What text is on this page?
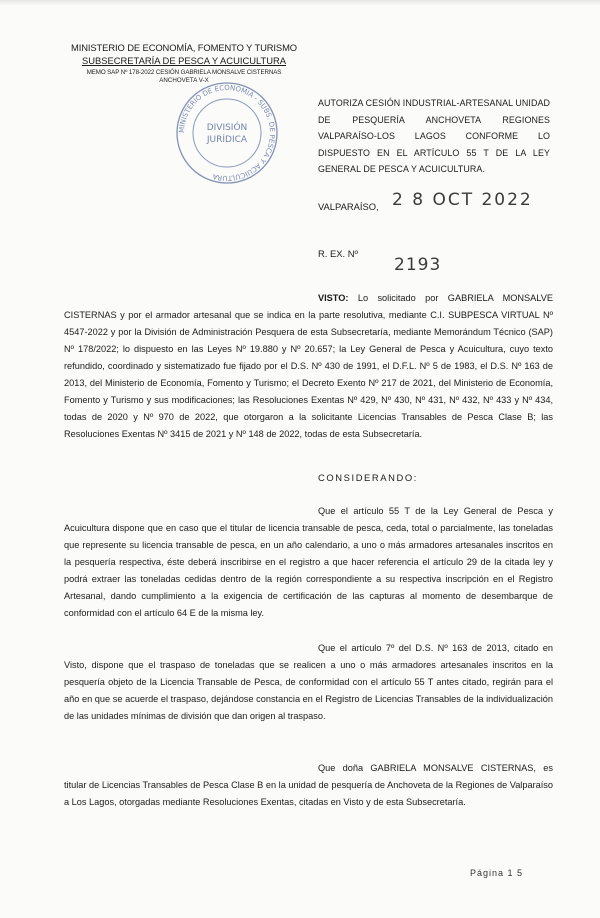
MINISTERIO DE ECONOMÍA, FOMENTO Y TURISMO
SUBSECRETARÍA DE PESCA Y ACUICULTURA
MEMO SAP Nº 178-2022 CESIÓN GABRIELA MONSALVE CISTERNAS
ANCHOVETA V-X
MINISTERIO DE ECONOMIA - SUBS. DE PESCA Y ACUICULTURA
DIVISIÓN
JURÍDICA
AUTORIZA CESIÓN INDUSTRIAL-ARTESANAL UNIDAD DE PESQUERÍA ANCHOVETA REGIONES VALPARAÍSO-LOS LAGOS CONFORME LO DISPUESTO EN EL ARTÍCULO 55 T DE LA LEY GENERAL DE PESCA Y ACUICULTURA.
VALPARAÍSO, 2 8 OCT 2022
R. EX. Nº
2193
VISTO: Lo solicitado por GABRIELA MONSALVE CISTERNAS y por el armador artesanal que se indica en la parte resolutiva, mediante C.I. SUBPESCA VIRTUAL Nº 4547-2022 y por la División de Administración Pesquera de esta Subsecretaría, mediante Memorándum Técnico (SAP) Nº 178/2022; lo dispuesto en las Leyes Nº 19.880 y Nº 20.657; la Ley General de Pesca y Acuicultura, cuyo texto refundido, coordinado y sistematizado fue fijado por el D.S. Nº 430 de 1991, el D.F.L. Nº 5 de 1983, el D.S. Nº 163 de 2013, del Ministerio de Economía, Fomento y Turismo; el Decreto Exento Nº 217 de 2021, del Ministerio de Economía, Fomento y Turismo y sus modificaciones; las Resoluciones Exentas Nº 429, Nº 430, Nº 431, Nº 432, Nº 433 y Nº 434, todas de 2020 y Nº 970 de 2022, que otorgaron a la solicitante Licencias Transables de Pesca Clase B; las Resoluciones Exentas Nº 3415 de 2021 y Nº 148 de 2022, todas de esta Subsecretaría.
CONSIDERANDO:
Que el artículo 55 T de la Ley General de Pesca y Acuicultura dispone que en caso que el titular de licencia transable de pesca, ceda, total o parcialmente, las toneladas que represente su licencia transable de pesca, en un año calendario, a uno o más armadores artesanales inscritos en la pesquería respectiva, éste deberá inscribirse en el registro a que hacer referencia el artículo 29 de la citada ley y podrá extraer las toneladas cedidas dentro de la región correspondiente a su respectiva inscripción en el Registro Artesanal, dando cumplimiento a la exigencia de certificación de las capturas al momento de desembarque de conformidad con el artículo 64 E de la misma ley.
Que el artículo 7º del D.S. Nº 163 de 2013, citado en Visto, dispone que el traspaso de toneladas que se realicen a uno o más armadores artesanales inscritos en la pesquería objeto de la Licencia Transable de Pesca, de conformidad con el artículo 55 T antes citado, regirán para el año en que se acuerde el traspaso, dejándose constancia en el Registro de Licencias Transables de la individualización de las unidades mínimas de división que dan origen al traspaso.
Que doña GABRIELA MONSALVE CISTERNAS, es titular de Licencias Transables de Pesca Clase B en la unidad de pesquería de Anchoveta de la Regiones de Valparaíso a Los Lagos, otorgadas mediante Resoluciones Exentas, citadas en Visto y de esta Subsecretaría.
Página 1 5
